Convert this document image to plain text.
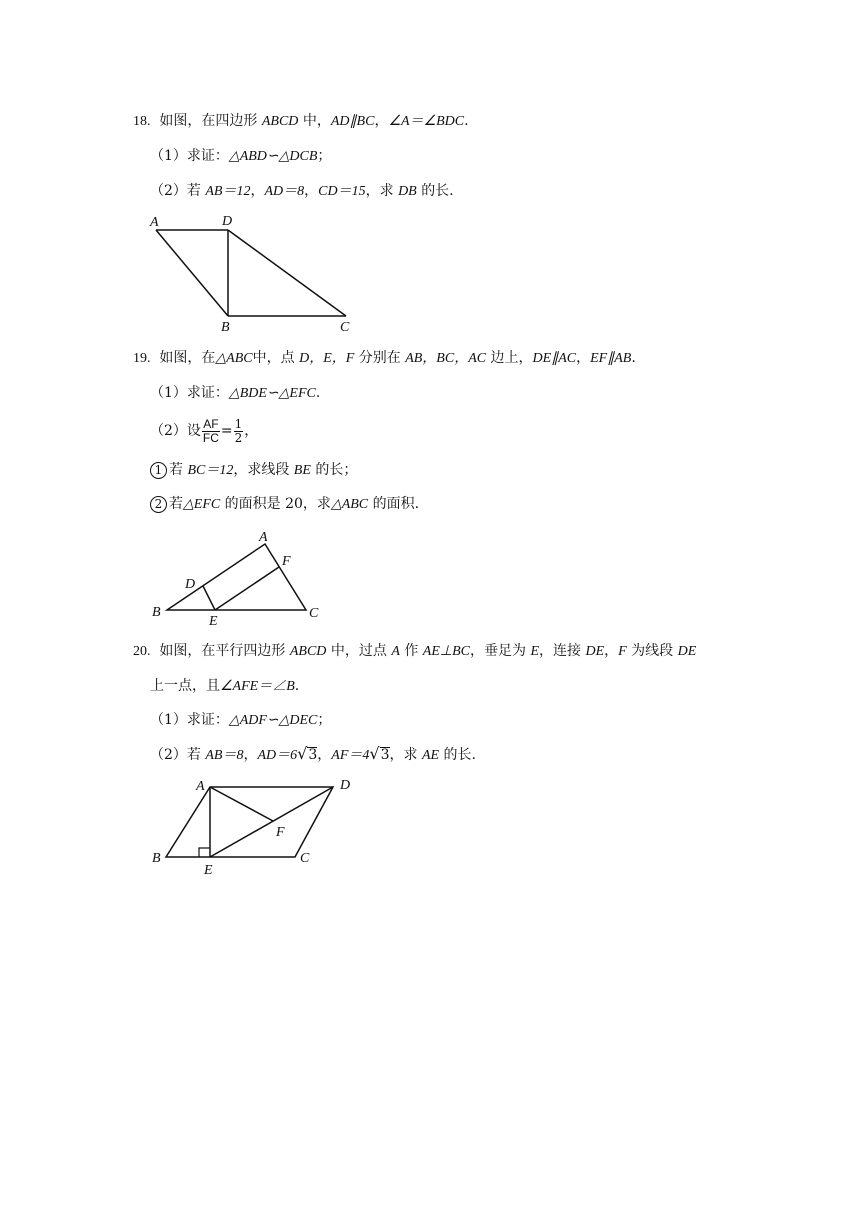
18. 如图，在四边形 ABCD 中，AD∥BC，∠A＝∠BDC.
（1）求证：△ABD∽△DCB；
（2）若 AB＝12，AD＝8，CD＝15，求 DB 的长.
A	D
B	C
19. 如图，在△ABC中，点 D，E，F 分别在 AB，BC，AC 边上，DE∥AC，EF∥AB.
（1）求证：△BDE∽△EFC.
（2）设 $\frac{AF}{FC} = \frac{1}{2}$ ，
1 若 BC＝12，求线段 BE 的长；
2 若△EFC 的面积是 20，求△ABC 的面积.
A
F
D
B
E
C
20. 如图，在平行四边形 ABCD 中，过点 A 作 AE⊥BC，垂足为 E，连接 DE，F 为线段 DE
上一点，且∠AFE＝∠B.
（1）求证：△ADF∽△DEC；
（2）若 AB＝8，AD＝6√3，AF＝4√3，求 AE 的长.
A	D
F
B
E
C
